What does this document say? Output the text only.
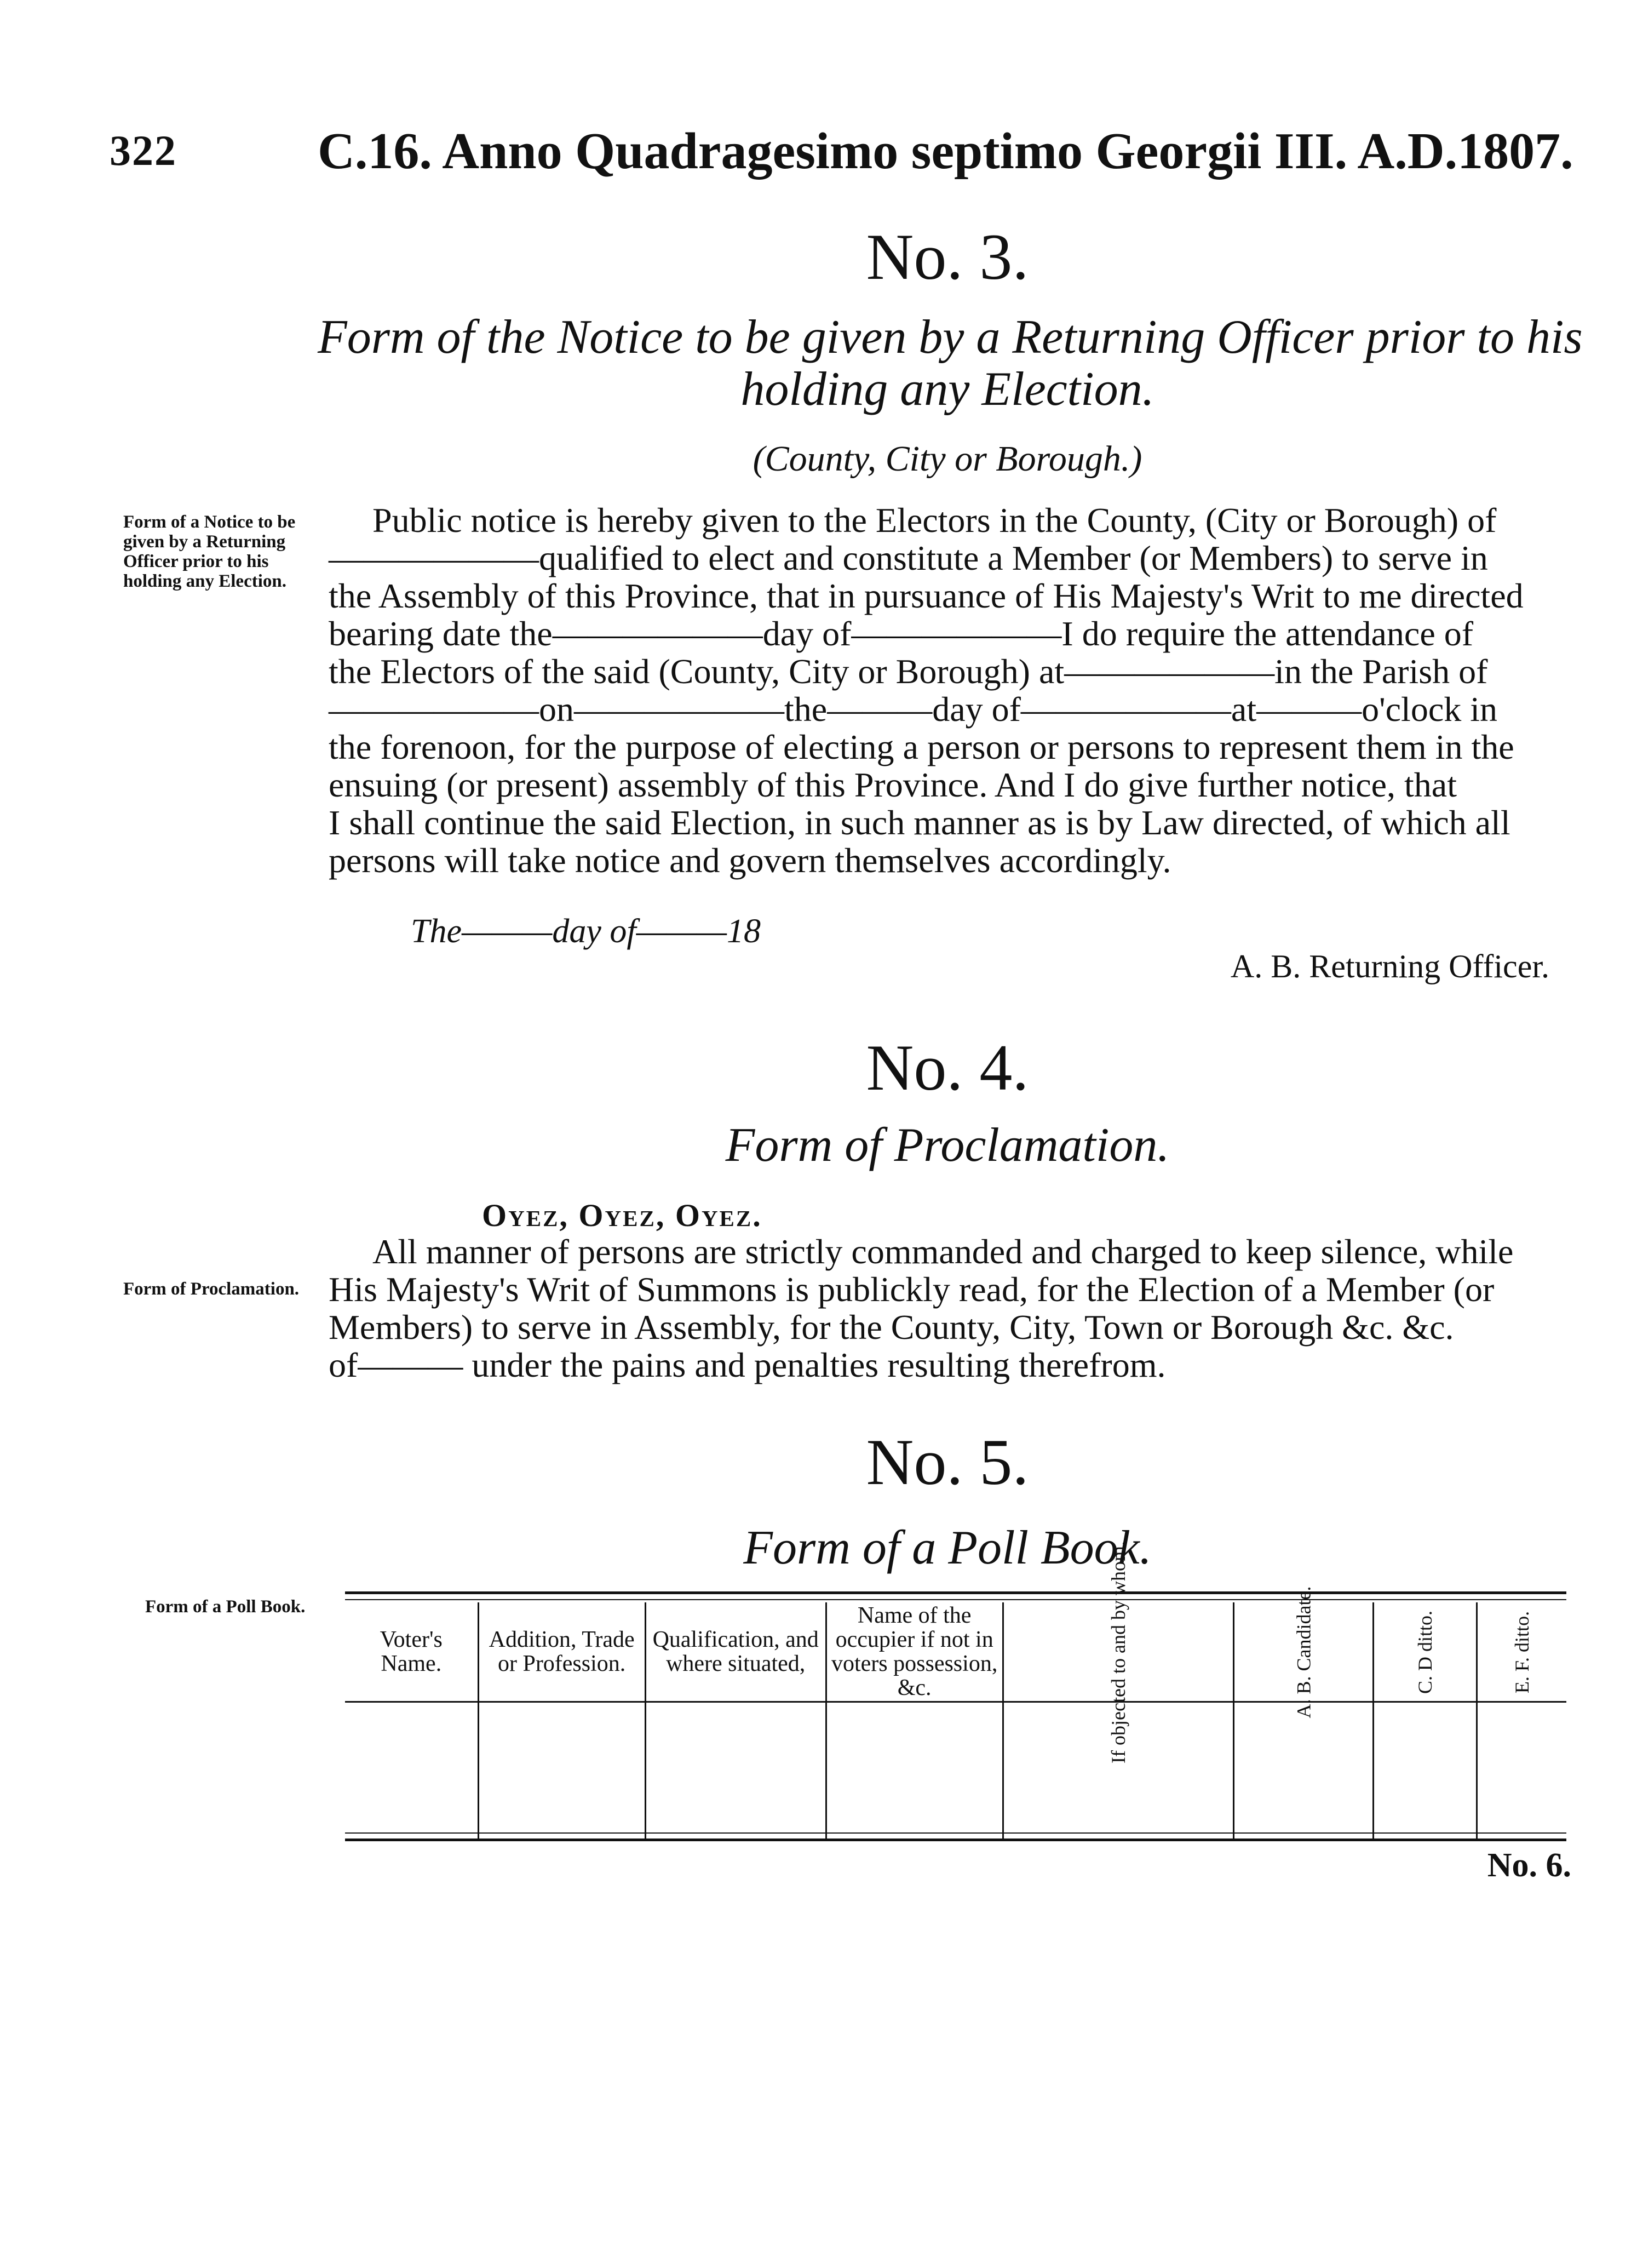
322	C.16. Anno Quadragesimo septimo Georgii III. A.D.1807.
No. 3.
Form of the Notice to be given by a Returning Officer prior to his
holding any Election.
(County, City or Borough.)
Form of a Notice to be given by a Returning Officer prior to his holding any Election.
Public notice is hereby given to the Electors in the County, (City or Borough) of
——————qualified to elect and constitute a Member (or Members) to serve in
the Assembly of this Province, that in pursuance of His Majesty's Writ to me directed
bearing date the——————day of——————I do require the attendance of
the Electors of the said (County, City or Borough) at——————in the Parish of
——————on——————the———day of——————at———o'clock in
the forenoon, for the purpose of electing a person or persons to represent them in the
ensuing (or present) assembly of this Province. And I do give further notice, that
I shall continue the said Election, in such manner as is by Law directed, of which all
persons will take notice and govern themselves accordingly.
The———day of———18
A. B. Returning Officer.
No. 4.
Form of Proclamation.
Oyez, Oyez, Oyez.
Form of Proclamation.
All manner of persons are strictly commanded and charged to keep silence, while
His Majesty's Writ of Summons is publickly read, for the Election of a Member (or
Members) to serve in Assembly, for the County, City, Town or Borough &c. &c.
of——— under the pains and penalties resulting therefrom.
No. 5.
Form of a Poll Book.
Form of a Poll Book.
Voter's Name.	Addition, Trade or Profession.	Qualification, and where situated,	Name of the occupier if not in voters possession, &c.	If objected to and by whom.	A. B. Candidate.	C. D ditto.	E. F. ditto.

No. 6.
